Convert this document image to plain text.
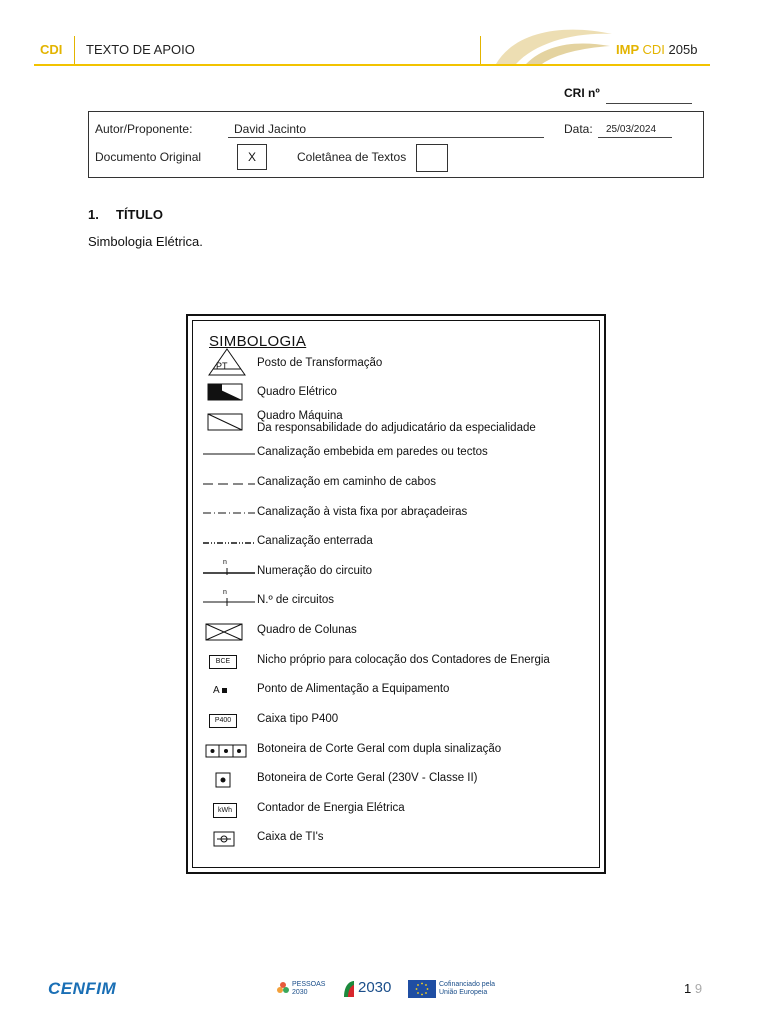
CDI TEXTO DE APOIO	IMP CDI 205b
CRI nº
Autor/Proponente:	David Jacinto	Data: 25/03/2024
Documento Original	X	Coletânea de Textos
1. TÍTULO
Simbologia Elétrica.
SIMBOLOGIA
PT
n
n
BCE
A
P400
kWh
Posto de Transformação
Quadro Elétrico
Quadro Máquina
Da responsabilidade do adjudicatário da especialidade
Canalização embebida em paredes ou tectos
Canalização em caminho de cabos
Canalização à vista fixa por abraçadeiras
Canalização enterrada
Numeração do circuito
N.º de circuitos
Quadro de Colunas
Nicho próprio para colocação dos Contadores de Energia
Ponto de Alimentação a Equipamento
Caixa tipo P400
Botoneira de Corte Geral com dupla sinalização
Botoneira de Corte Geral (230V - Classe II)
Contador de Energia Elétrica
Caixa de TI's
CENFIM	PESSOAS 2030	2030	Cofinanciado pela
União Europeia	1 9
